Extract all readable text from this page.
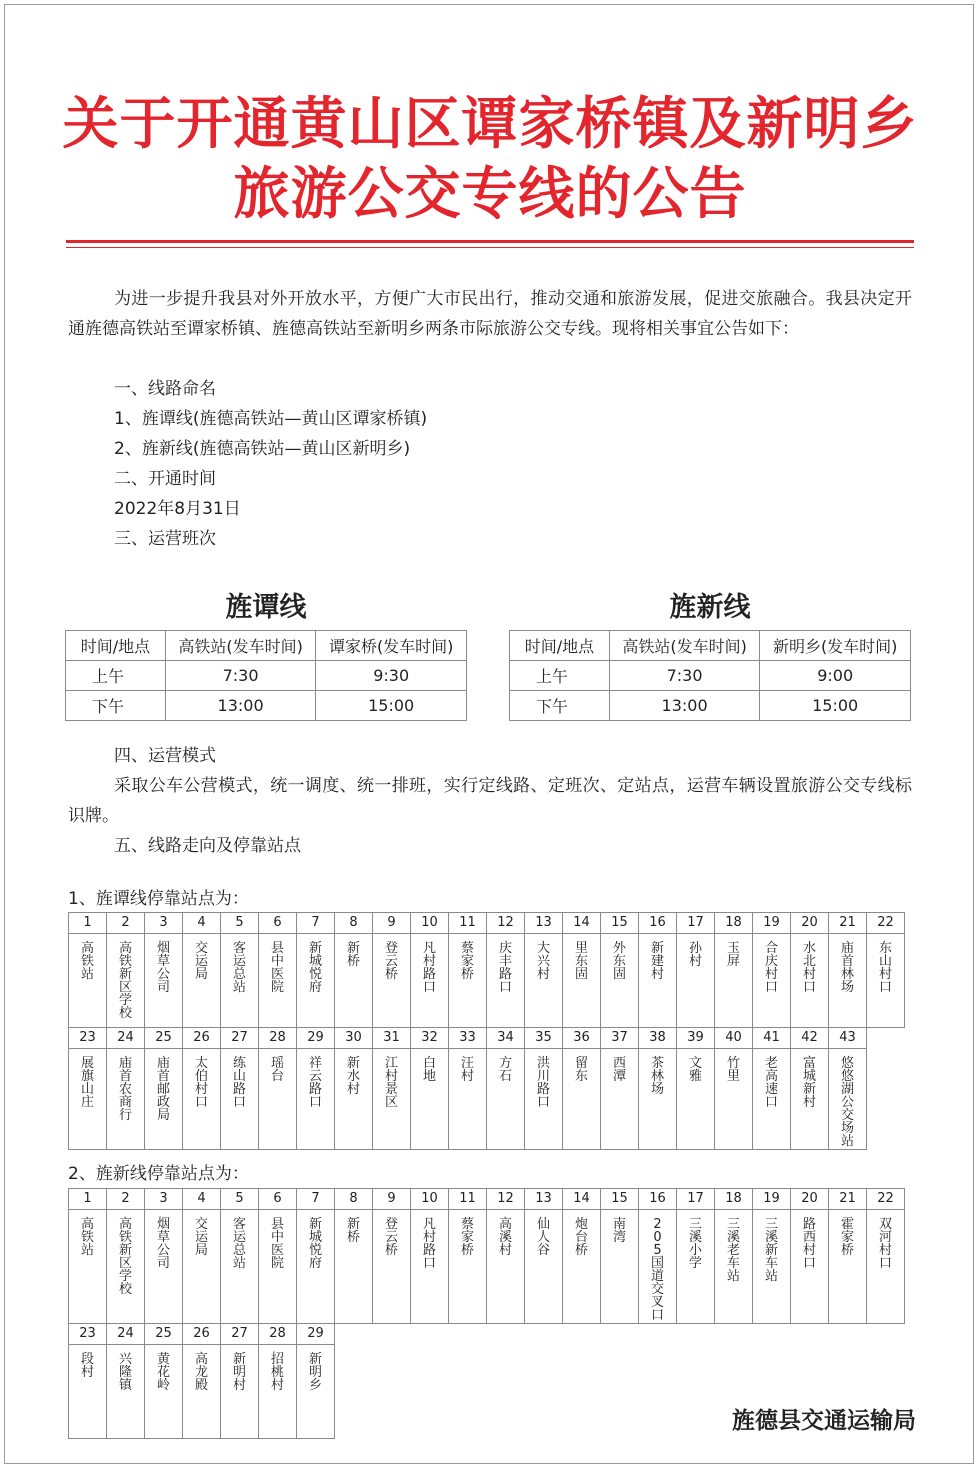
关于开通黄山区谭家桥镇及新明乡
旅游公交专线的公告
为进一步提升我县对外开放水平，方便广大市民出行，推动交通和旅游发展，促进交旅融合。我县决定开通旌德高铁站至谭家桥镇、旌德高铁站至新明乡两条市际旅游公交专线。现将相关事宜公告如下：
一、线路命名
1、旌谭线(旌德高铁站—黄山区谭家桥镇)
2、旌新线(旌德高铁站—黄山区新明乡)
二、开通时间
2022年8月31日
三、运营班次
旌谭线
时间/地点	高铁站(发车时间)	谭家桥(发车时间)
上午	7:30	9:30
下午	13:00	15:00
旌新线
时间/地点	高铁站(发车时间)	新明乡(发车时间)
上午	7:30	9:00
下午	13:00	15:00
四、运营模式
采取公车公营模式，统一调度、统一排班，实行定线路、定班次、定站点，运营车辆设置旅游公交专线标识牌。
五、线路走向及停靠站点
1、旌谭线停靠站点为：
1	2	3	4	5	6	7	8	9	10	11	12	13	14	15	16	17	18	19	20	21	22
高铁站	高铁新区学校	烟草公司	交运局	客运总站	县中医院	新城悦府	新桥	登云桥	凡村路口	蔡家桥	庆丰路口	大兴村	里东固	外东固	新建村	孙村	玉屏	合庆村口	水北村口	庙首林场	东山村口
23	24	25	26	27	28	29	30	31	32	33	34	35	36	37	38	39	40	41	42	43	
展旗山庄	庙首农商行	庙首邮政局	太伯村口	练山路口	瑶台	祥云路口	新水村	江村景区	白地	汪村	方石	洪川路口	留东	西潭	茶林场	文雅	竹里	老高速口	富城新村	悠悠湖公交场站	
2、旌新线停靠站点为：
1	2	3	4	5	6	7	8	9	10	11	12	13	14	15	16	17	18	19	20	21	22
高铁站	高铁新区学校	烟草公司	交运局	客运总站	县中医院	新城悦府	新桥	登云桥	凡村路口	蔡家桥	高溪村	仙人谷	炮台桥	南湾	205国道交叉口	三溪小学	三溪老车站	三溪新车站	路西村口	霍家桥	双河村口
23	24	25	26	27	28	29															
段村	兴隆镇	黄花岭	高龙殿	新明村	招桃村	新明乡															
旌德县交通运输局
